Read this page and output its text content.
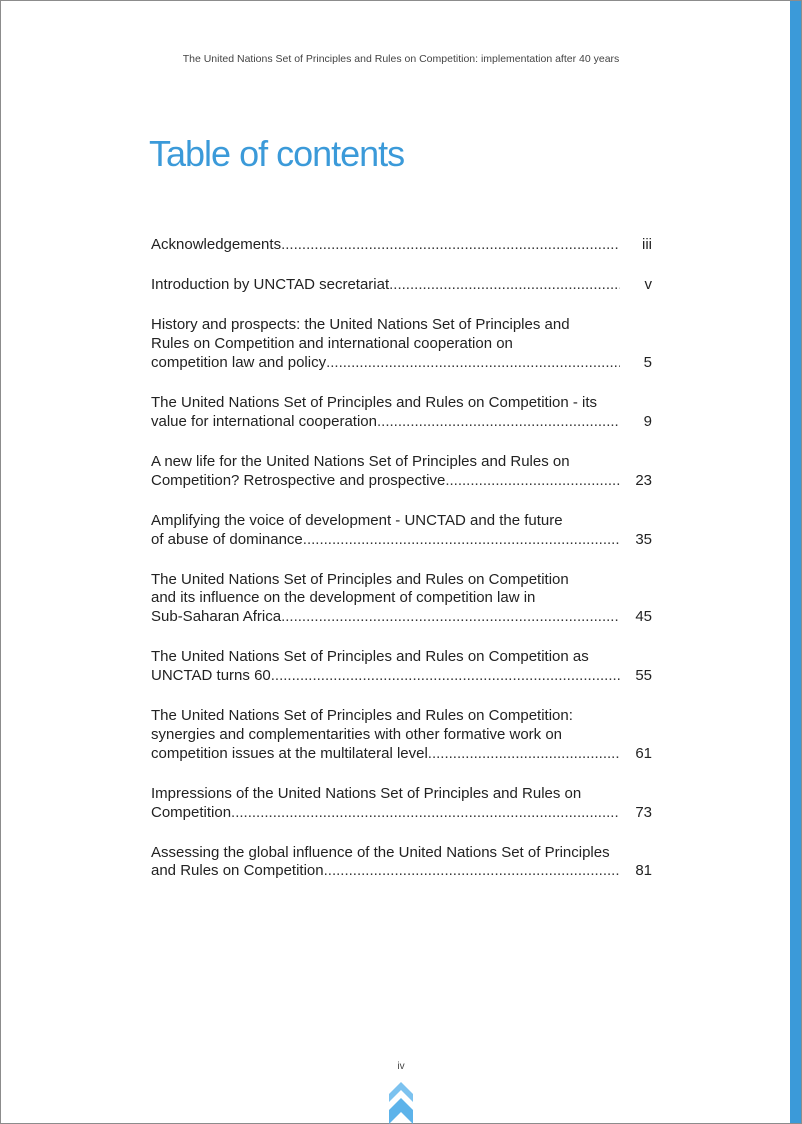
The United Nations Set of Principles and Rules on Competition: implementation after 40 years
Table of contents
Acknowledgements .....	iii
Introduction by UNCTAD secretariat .....	v
History and prospects: the United Nations Set of Principles and
Rules on Competition and international cooperation on
competition law and policy .....	5
The United Nations Set of Principles and Rules on Competition - its
value for international cooperation .....	9
A new life for the United Nations Set of Principles and Rules on
Competition? Retrospective and prospective .....	23
Amplifying the voice of development - UNCTAD and the future
of abuse of dominance .....	35
The United Nations Set of Principles and Rules on Competition
and its influence on the development of competition law in
Sub-Saharan Africa .....	45
The United Nations Set of Principles and Rules on Competition as
UNCTAD turns 60 .....	55
The United Nations Set of Principles and Rules on Competition:
synergies and complementarities with other formative work on
competition issues at the multilateral level .....	61
Impressions of the United Nations Set of Principles and Rules on
Competition .....	73
Assessing the global influence of the United Nations Set of Principles
and Rules on Competition .....	81
iv
